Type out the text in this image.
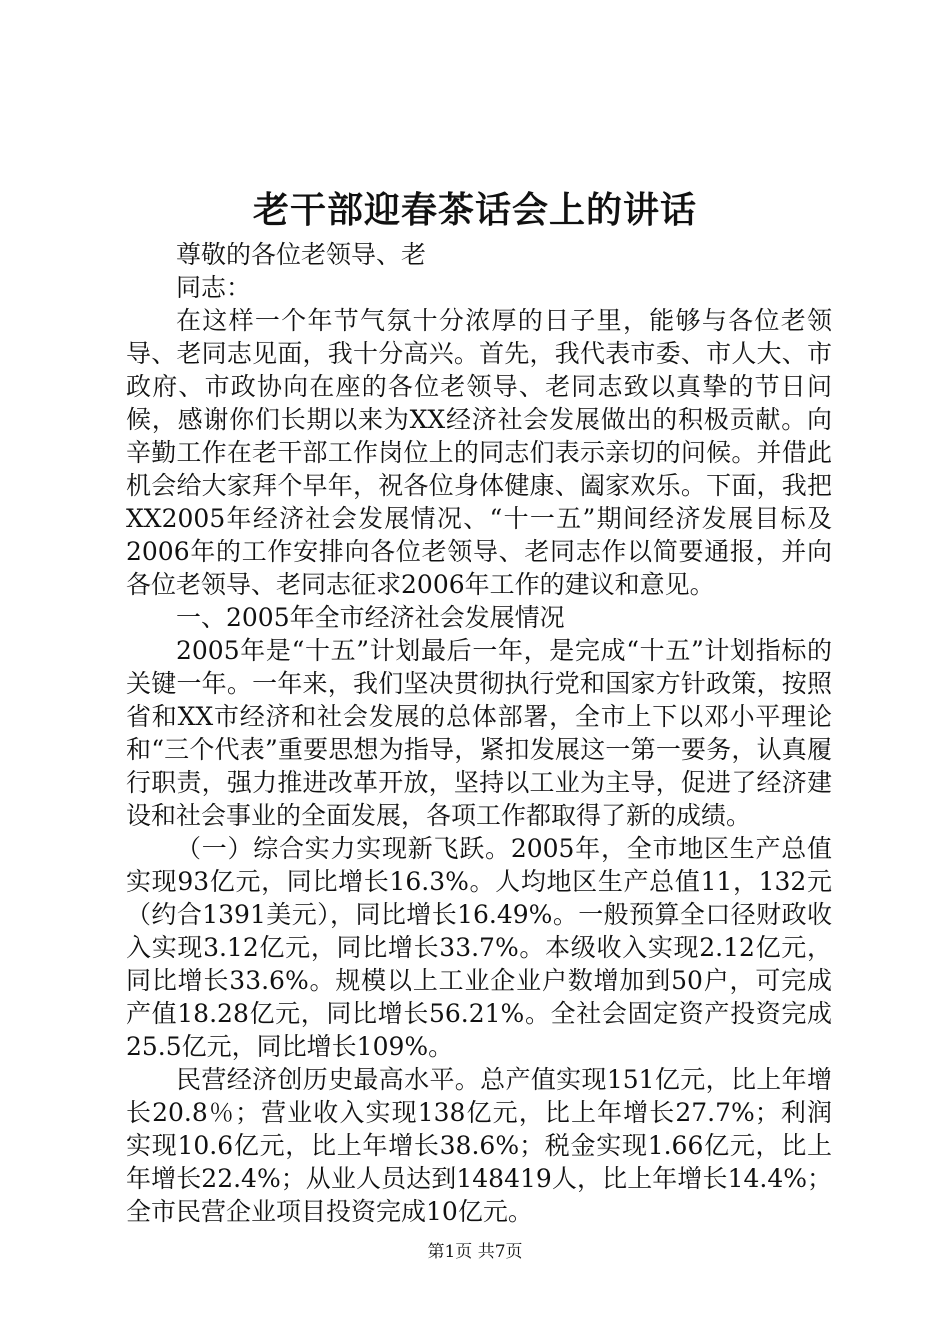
老干部迎春茶话会上的讲话

尊敬的各位老领导、老

同志：

在这样一个年节气氛十分浓厚的日子里，能够与各位老领导、老同志见面，我十分高兴。首先，我代表市委、市人大、市政府、市政协向在座的各位老领导、老同志致以真挚的节日问候，感谢你们长期以来为XX经济社会发展做出的积极贡献。向辛勤工作在老干部工作岗位上的同志们表示亲切的问候。并借此机会给大家拜个早年，祝各位身体健康、阖家欢乐。下面，我把XX2005年经济社会发展情况、“十一五”期间经济发展目标及2006年的工作安排向各位老领导、老同志作以简要通报，并向各位老领导、老同志征求2006年工作的建议和意见。

一、2005年全市经济社会发展情况

2005年是“十五”计划最后一年，是完成“十五”计划指标的关键一年。一年来，我们坚决贯彻执行党和国家方针政策，按照省和XX市经济和社会发展的总体部署，全市上下以邓小平理论和“三个代表”重要思想为指导，紧扣发展这一第一要务，认真履行职责，强力推进改革开放，坚持以工业为主导，促进了经济建设和社会事业的全面发展，各项工作都取得了新的成绩。

（一）综合实力实现新飞跃。2005年，全市地区生产总值实现93亿元，同比增长16.3%。人均地区生产总值11，132元（约合1391美元），同比增长16.49%。一般预算全口径财政收入实现3.12亿元，同比增长33.7%。本级收入实现2.12亿元，同比增长33.6%。规模以上工业企业户数增加到50户，可完成产值18.28亿元，同比增长56.21%。全社会固定资产投资完成25.5亿元，同比增长109%。

民营经济创历史最高水平。总产值实现151亿元，比上年增长20.8％；营业收入实现138亿元，比上年增长27.7%；利润实现10.6亿元，比上年增长38.6%；税金实现1.66亿元，比上年增长22.4%；从业人员达到148419人，比上年增长14.4%；全市民营企业项目投资完成10亿元。

第1页 共7页
